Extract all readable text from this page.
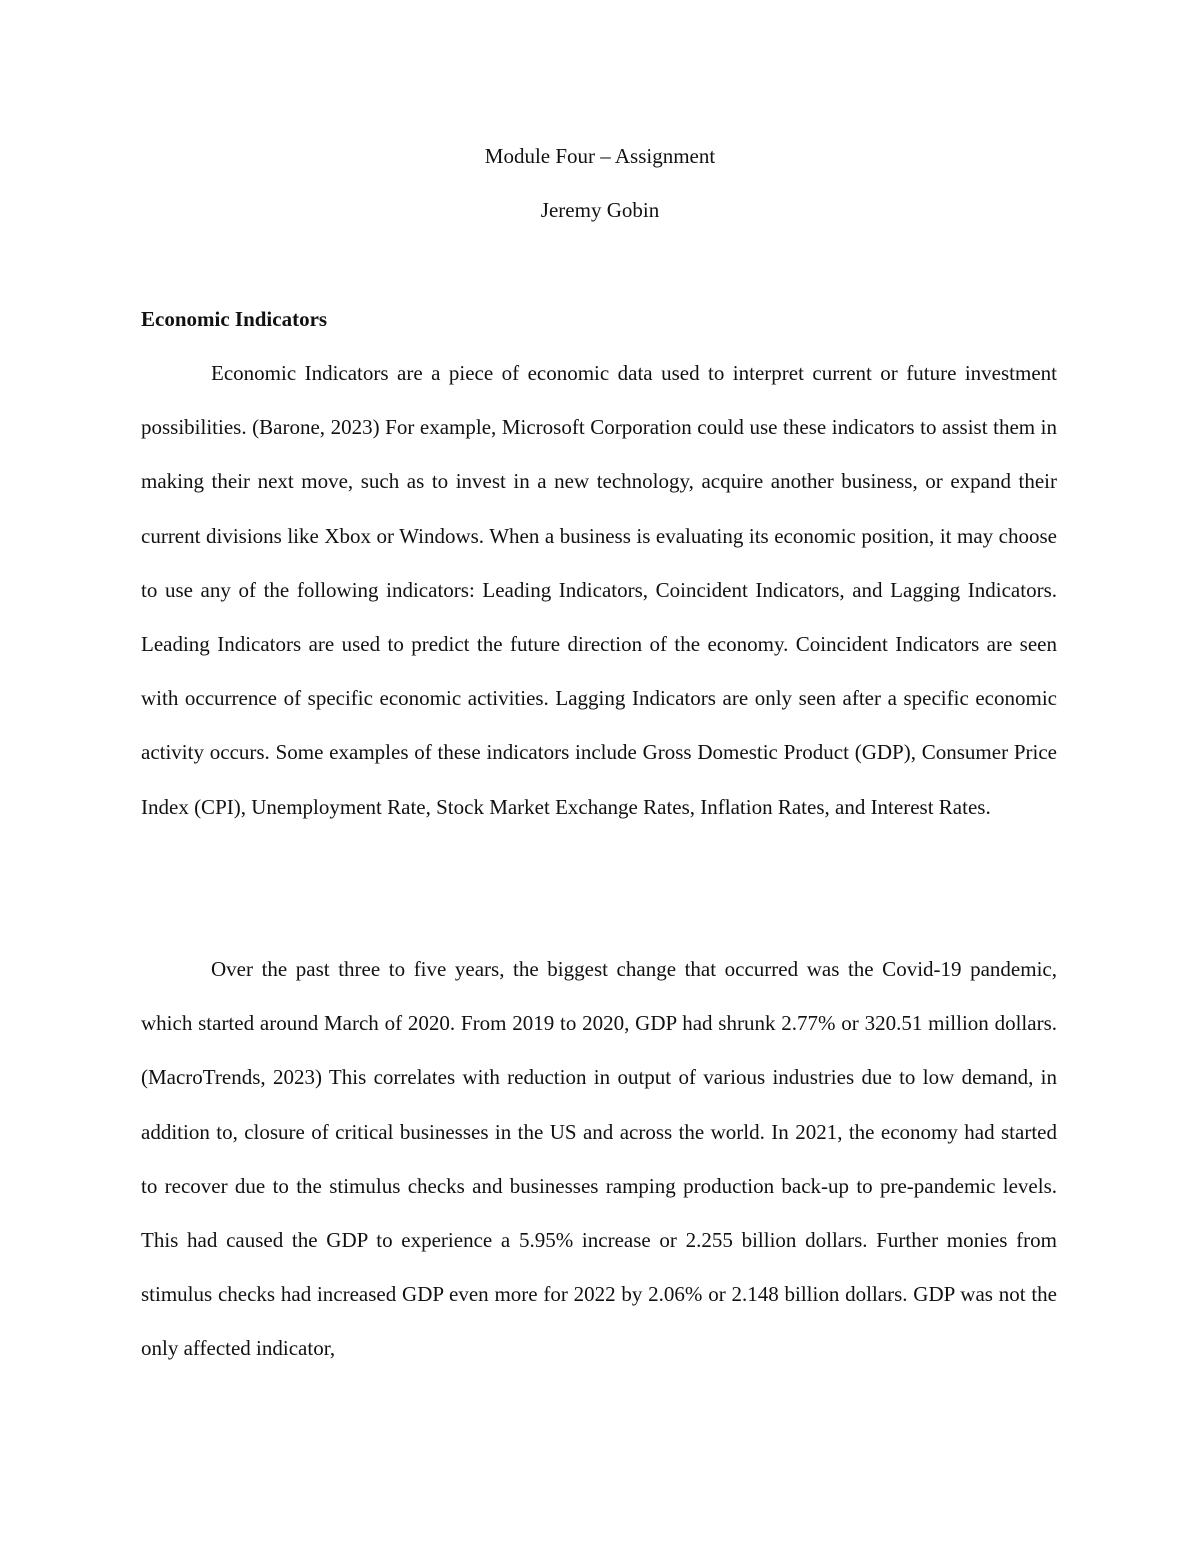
Module Four – Assignment
Jeremy Gobin
Economic Indicators

Economic Indicators are a piece of economic data used to interpret current or future investment possibilities. (Barone, 2023) For example, Microsoft Corporation could use these indicators to assist them in making their next move, such as to invest in a new technology, acquire another business, or expand their current divisions like Xbox or Windows. When a business is evaluating its economic position, it may choose to use any of the following indicators: Leading Indicators, Coincident Indicators, and Lagging Indicators. Leading Indicators are used to predict the future direction of the economy. Coincident Indicators are seen with occurrence of specific economic activities. Lagging Indicators are only seen after a specific economic activity occurs. Some examples of these indicators include Gross Domestic Product (GDP), Consumer Price Index (CPI), Unemployment Rate, Stock Market Exchange Rates, Inflation Rates, and Interest Rates.

Over the past three to five years, the biggest change that occurred was the Covid-19 pandemic, which started around March of 2020. From 2019 to 2020, GDP had shrunk 2.77% or 320.51 million dollars. (MacroTrends, 2023) This correlates with reduction in output of various industries due to low demand, in addition to, closure of critical businesses in the US and across the world. In 2021, the economy had started to recover due to the stimulus checks and businesses ramping production back-up to pre-pandemic levels. This had caused the GDP to experience a 5.95% increase or 2.255 billion dollars. Further monies from stimulus checks had increased GDP even more for 2022 by 2.06% or 2.148 billion dollars. GDP was not the only affected indicator,
